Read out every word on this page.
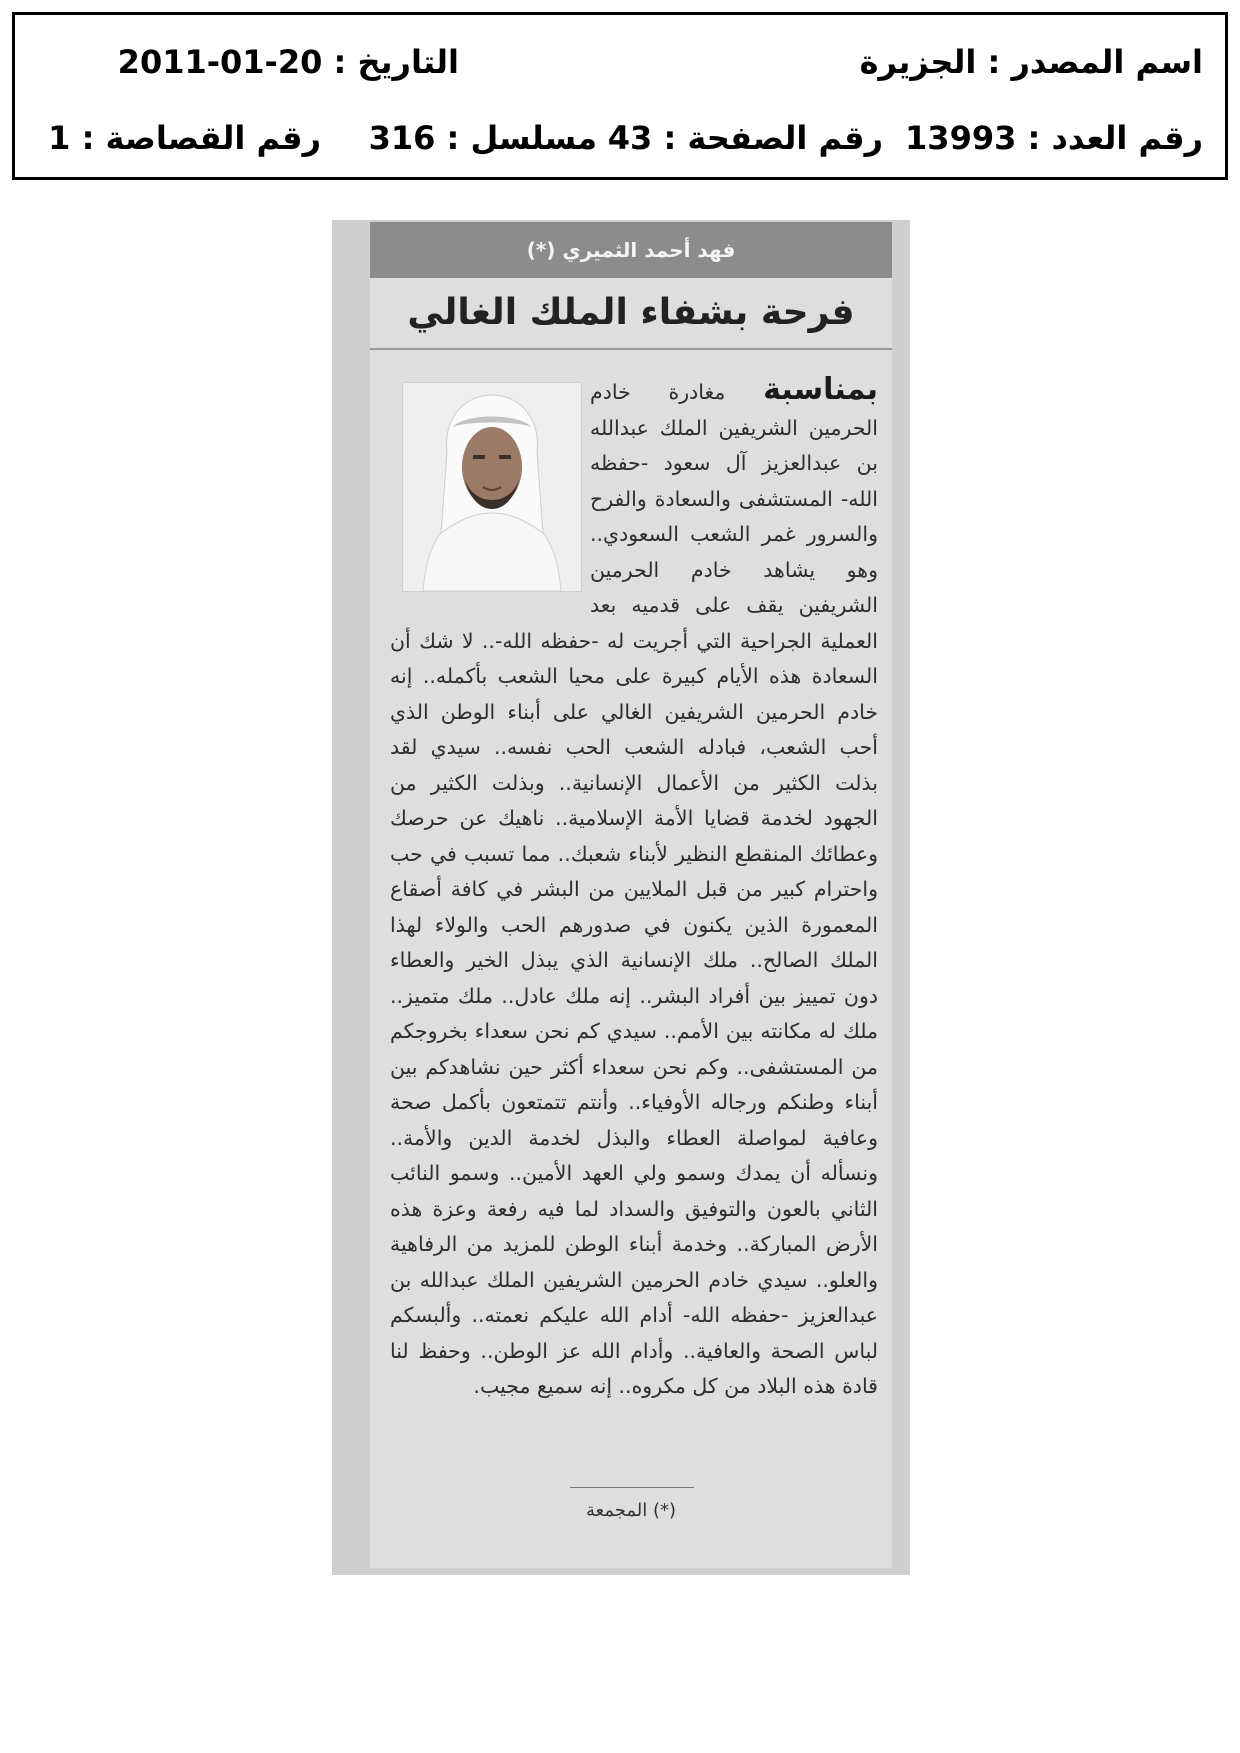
اسم المصدر : الجزيرة
التاريخ : 2011-01-20
رقم العدد : 13993
رقم الصفحة : 43
مسلسل : 316
رقم القصاصة : 1
فهد أحمد الثميري (*)
فرحة بشفاء الملك الغالي
بمناسبة مغادرة خادم الحرمين الشريفين الملك عبدالله بن عبدالعزيز آل سعود -حفظه الله- المستشفى والسعادة والفرح والسرور غمر الشعب السعودي.. وهو يشاهد خادم الحرمين الشريفين يقف على قدميه بعد العملية الجراحية التي أجريت له -حفظه الله-.. لا شك أن السعادة هذه الأيام كبيرة على محيا الشعب بأكمله.. إنه خادم الحرمين الشريفين الغالي على أبناء الوطن الذي أحب الشعب، فبادله الشعب الحب نفسه.. سيدي لقد بذلت الكثير من الأعمال الإنسانية.. وبذلت الكثير من الجهود لخدمة قضايا الأمة الإسلامية.. ناهيك عن حرصك وعطائك المنقطع النظير لأبناء شعبك.. مما تسبب في حب واحترام كبير من قبل الملايين من البشر في كافة أصقاع المعمورة الذين يكنون في صدورهم الحب والولاء لهذا الملك الصالح.. ملك الإنسانية الذي يبذل الخير والعطاء دون تمييز بين أفراد البشر.. إنه ملك عادل.. ملك متميز.. ملك له مكانته بين الأمم.. سيدي كم نحن سعداء بخروجكم من المستشفى.. وكم نحن سعداء أكثر حين نشاهدكم بين أبناء وطنكم ورجاله الأوفياء.. وأنتم تتمتعون بأكمل صحة وعافية لمواصلة العطاء والبذل لخدمة الدين والأمة.. ونسأله أن يمدك وسمو ولي العهد الأمين.. وسمو النائب الثاني بالعون والتوفيق والسداد لما فيه رفعة وعزة هذه الأرض المباركة.. وخدمة أبناء الوطن للمزيد من الرفاهية والعلو.. سيدي خادم الحرمين الشريفين الملك عبدالله بن عبدالعزيز -حفظه الله- أدام الله عليكم نعمته.. وألبسكم لباس الصحة والعافية.. وأدام الله عز الوطن.. وحفظ لنا قادة هذه البلاد من كل مكروه.. إنه سميع مجيب.
(*) المجمعة
